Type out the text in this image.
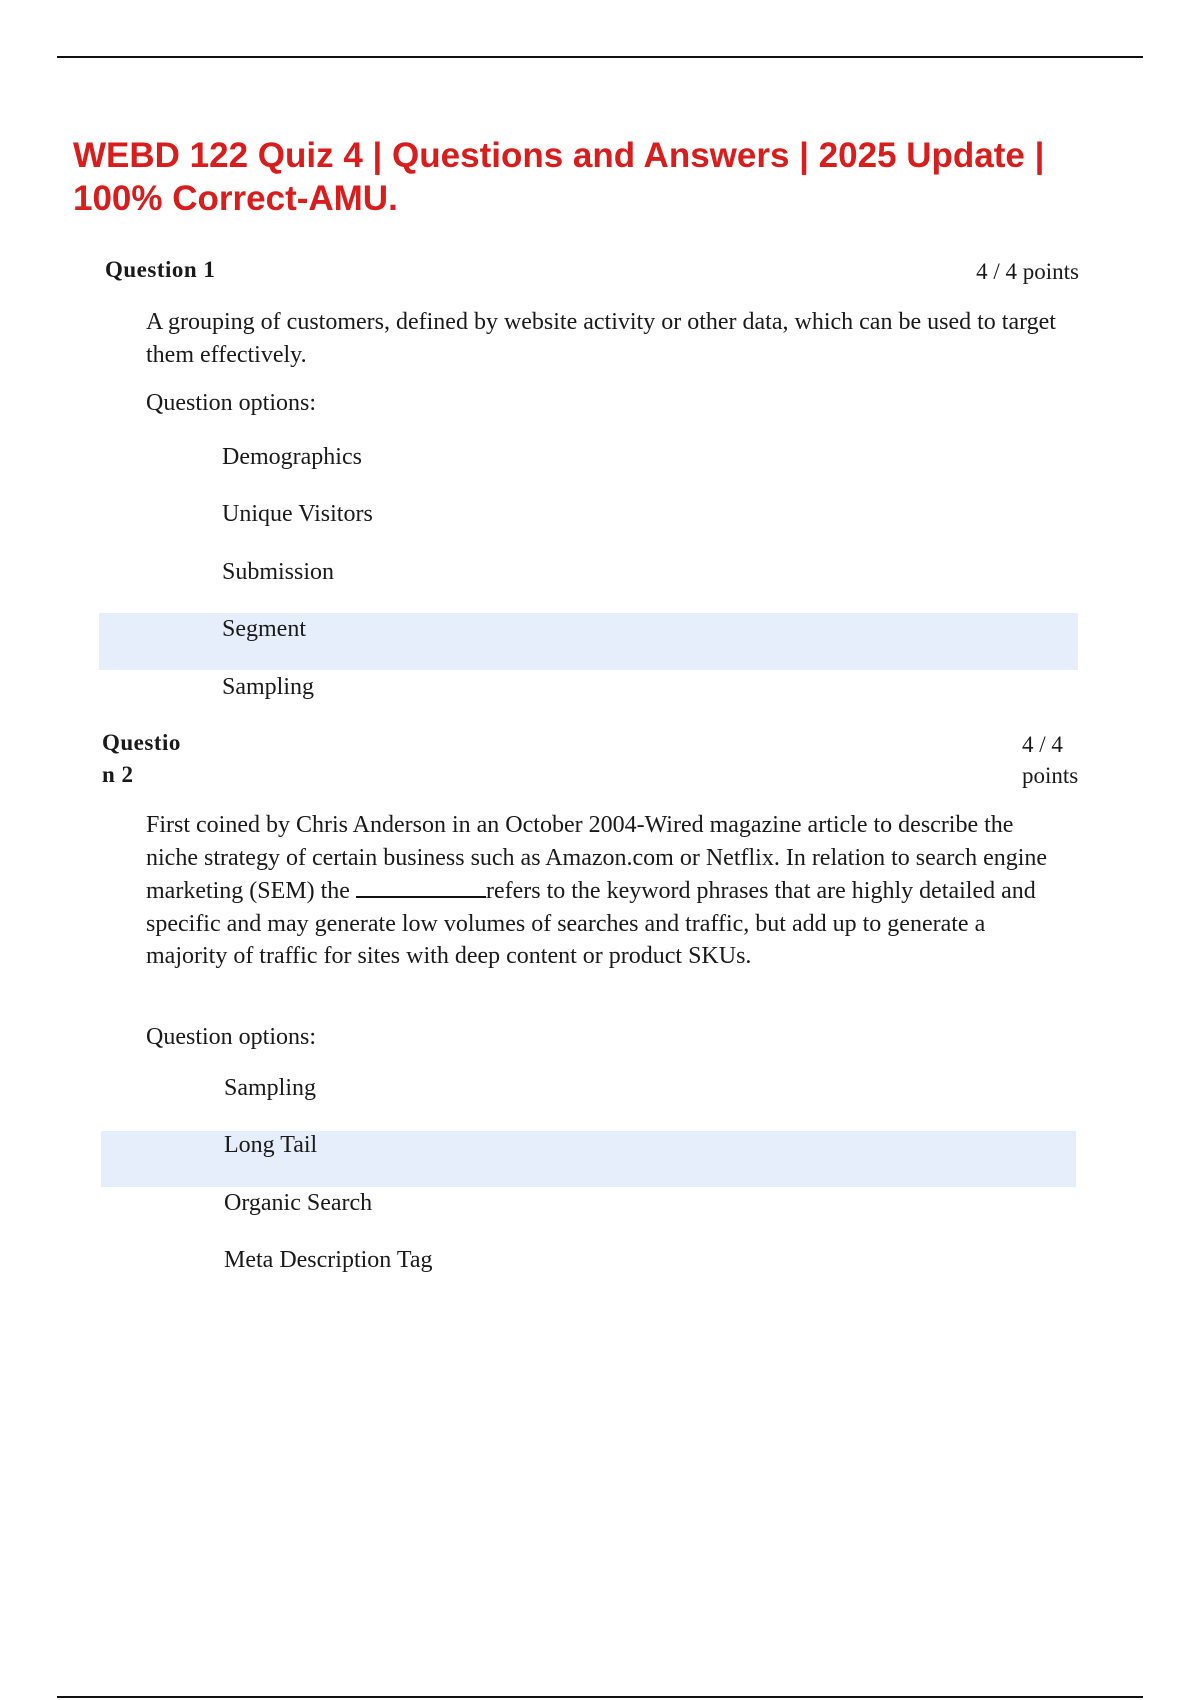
WEBD 122 Quiz 4 | Questions and Answers | 2025 Update | 100% Correct-AMU.
Question 1	4 / 4 points
A grouping of customers, defined by website activity or other data, which can be used to target them effectively.
Question options:
Demographics
Unique Visitors
Submission
Segment
Sampling
Questio
n 2
4 / 4
points
First coined by Chris Anderson in an October 2004-Wired magazine article to describe the niche strategy of certain business such as Amazon.com or Netflix. In relation to search engine marketing (SEM) the	refers to the keyword phrases that are highly detailed and specific and may generate low volumes of searches and traffic, but add up to generate a majority of traffic for sites with deep content or product SKUs.
Question options:
Sampling
Long Tail
Organic Search
Meta Description Tag
